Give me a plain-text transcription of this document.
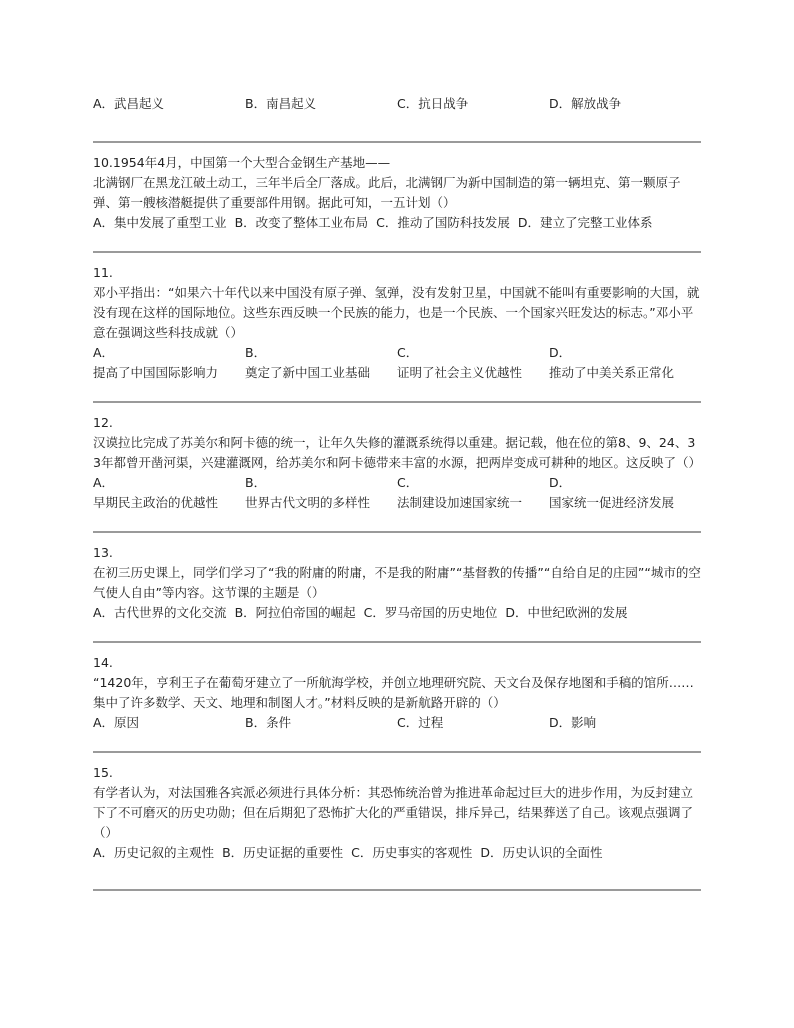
A．武昌起义	B．南昌起义	C．抗日战争	D．解放战争
10.1954年4月，中国第一个大型合金钢生产基地——
北满钢厂在黑龙江破土动工，三年半后全厂落成。此后，北满钢厂为新中国制造的第一辆坦克、第一颗原子弹、第一艘核潜艇提供了重要部件用钢。据此可知，一五计划（）
A．集中发展了重型工业 B．改变了整体工业布局 C．推动了国防科技发展 D．建立了完整工业体系
11.
邓小平指出：“如果六十年代以来中国没有原子弹、氢弹，没有发射卫星，中国就不能叫有重要影响的大国，就没有现在这样的国际地位。这些东西反映一个民族的能力，也是一个民族、一个国家兴旺发达的标志。”邓小平意在强调这些科技成就（）
A．
提高了中国国际影响力
B．
奠定了新中国工业基础
C．
证明了社会主义优越性
D．
推动了中美关系正常化
12.
汉谟拉比完成了苏美尔和阿卡德的统一，让年久失修的灌溉系统得以重建。据记载，他在位的第8、9、24、33年都曾开凿河渠，兴建灌溉网，给苏美尔和阿卡德带来丰富的水源，把两岸变成可耕种的地区。这反映了（）
A．
早期民主政治的优越性
B．
世界古代文明的多样性
C．
法制建设加速国家统一
D．
国家统一促进经济发展
13.
在初三历史课上，同学们学习了“我的附庸的附庸，不是我的附庸”“基督教的传播”“自给自足的庄园”“城市的空气使人自由”等内容。这节课的主题是（）
A．古代世界的文化交流 B．阿拉伯帝国的崛起 C．罗马帝国的历史地位 D．中世纪欧洲的发展
14.
“1420年，亨利王子在葡萄牙建立了一所航海学校，并创立地理研究院、天文台及保存地图和手稿的馆所……集中了许多数学、天文、地理和制图人才。”材料反映的是新航路开辟的（）
A．原因	B．条件	C．过程	D．影响
15.
有学者认为，对法国雅各宾派必须进行具体分析：其恐怖统治曾为推进革命起过巨大的进步作用，为反封建立下了不可磨灭的历史功勋；但在后期犯了恐怖扩大化的严重错误，排斥异己，结果葬送了自己。该观点强调了（）
A．历史记叙的主观性 B．历史证据的重要性 C．历史事实的客观性 D．历史认识的全面性
